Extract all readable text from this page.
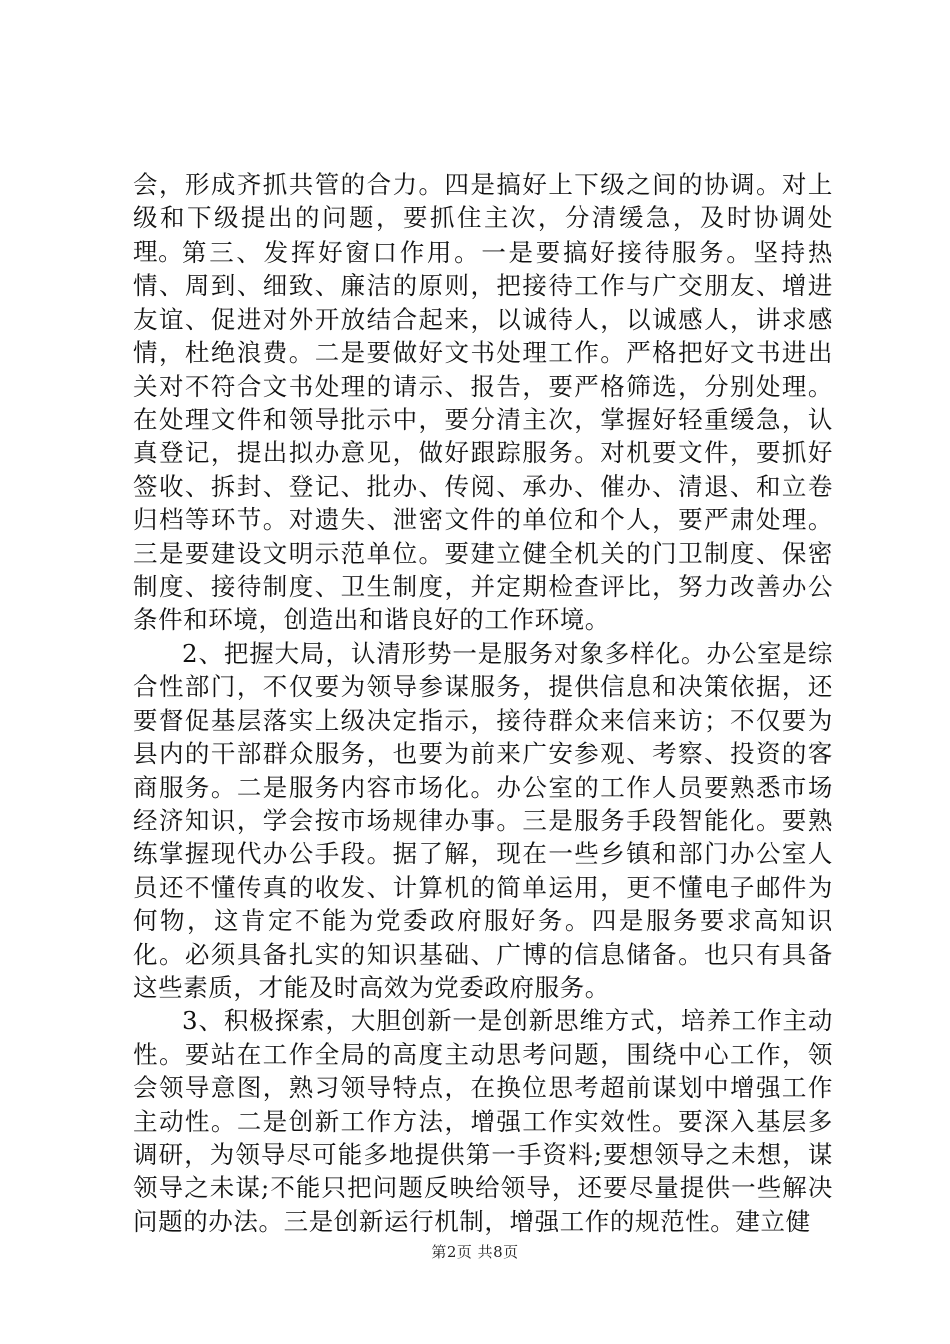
会，形成齐抓共管的合力。四是搞好上下级之间的协调。对上级和下级提出的问题，要抓住主次，分清缓急，及时协调处理。

第三、发挥好窗口作用。一是要搞好接待服务。坚持热情、周到、细致、廉洁的原则，把接待工作与广交朋友、增进友谊、促进对外开放结合起来，以诚待人，以诚感人，讲求感情，杜绝浪费。二是要做好文书处理工作。严格把好文书进出关对不符合文书处理的请示、报告，要严格筛选，分别处理。在处理文件和领导批示中，要分清主次，掌握好轻重缓急，认真登记，提出拟办意见，做好跟踪服务。对机要文件，要抓好签收、拆封、登记、批办、传阅、承办、催办、清退、和立卷归档等环节。对遗失、泄密文件的单位和个人，要严肃处理。三是要建设文明示范单位。要建立健全机关的门卫制度、保密制度、接待制度、卫生制度，并定期检查评比，努力改善办公条件和环境，创造出和谐良好的工作环境。

2、把握大局，认清形势一是服务对象多样化。办公室是综合性部门，不仅要为领导参谋服务，提供信息和决策依据，还要督促基层落实上级决定指示，接待群众来信来访；不仅要为县内的干部群众服务，也要为前来广安参观、考察、投资的客商服务。二是服务内容市场化。办公室的工作人员要熟悉市场经济知识，学会按市场规律办事。三是服务手段智能化。要熟练掌握现代办公手段。据了解，现在一些乡镇和部门办公室人员还不懂传真的收发、计算机的简单运用，更不懂电子邮件为何物，这肯定不能为党委政府服好务。四是服务要求高知识化。必须具备扎实的知识基础、广博的信息储备。也只有具备这些素质，才能及时高效为党委政府服务。

3、积极探索，大胆创新一是创新思维方式，培养工作主动性。要站在工作全局的高度主动思考问题，围绕中心工作，领会领导意图，熟习领导特点，在换位思考超前谋划中增强工作主动性。二是创新工作方法，增强工作实效性。要深入基层多调研，为领导尽可能多地提供第一手资料;要想领导之未想，谋领导之未谋;不能只把问题反映给领导，还要尽量提供一些解决问题的办法。三是创新运行机制，增强工作的规范性。建立健

第2页 共8页
